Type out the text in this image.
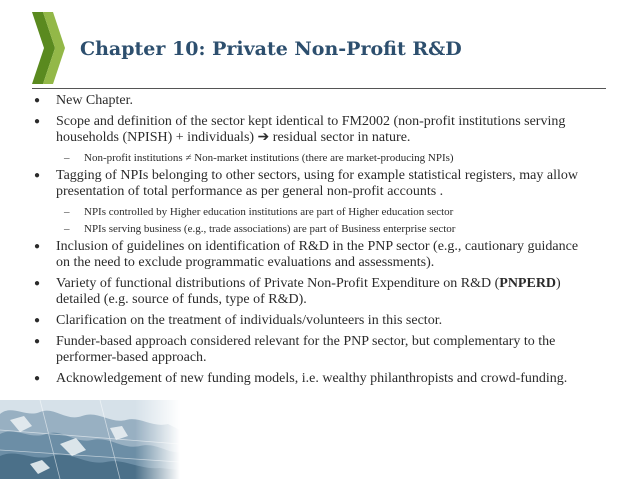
Chapter 10: Private Non-Profit R&D
● New Chapter.
● Scope and definition of the sector kept identical to FM2002 (non-profit institutions serving households (NPISH) + individuals) ➔ residual sector in nature.
– Non-profit institutions ≠ Non-market institutions (there are market-producing NPIs)
● Tagging of NPIs belonging to other sectors, using for example statistical registers, may allow presentation of total performance as per general non-profit accounts .
– NPIs controlled by Higher education institutions are part of Higher education sector
– NPIs serving business (e.g., trade associations) are part of Business enterprise sector
● Inclusion of guidelines on identification of R&D in the PNP sector (e.g., cautionary guidance on the need to exclude programmatic evaluations and assessments).
● Variety of functional distributions of Private Non-Profit Expenditure on R&D (PNPERD) detailed (e.g. source of funds, type of R&D).
● Clarification on the treatment of individuals/volunteers in this sector.
● Funder-based approach considered relevant for the PNP sector, but complementary to the performer-based approach.
● Acknowledgement of new funding models, i.e. wealthy philanthropists and crowd-funding.
